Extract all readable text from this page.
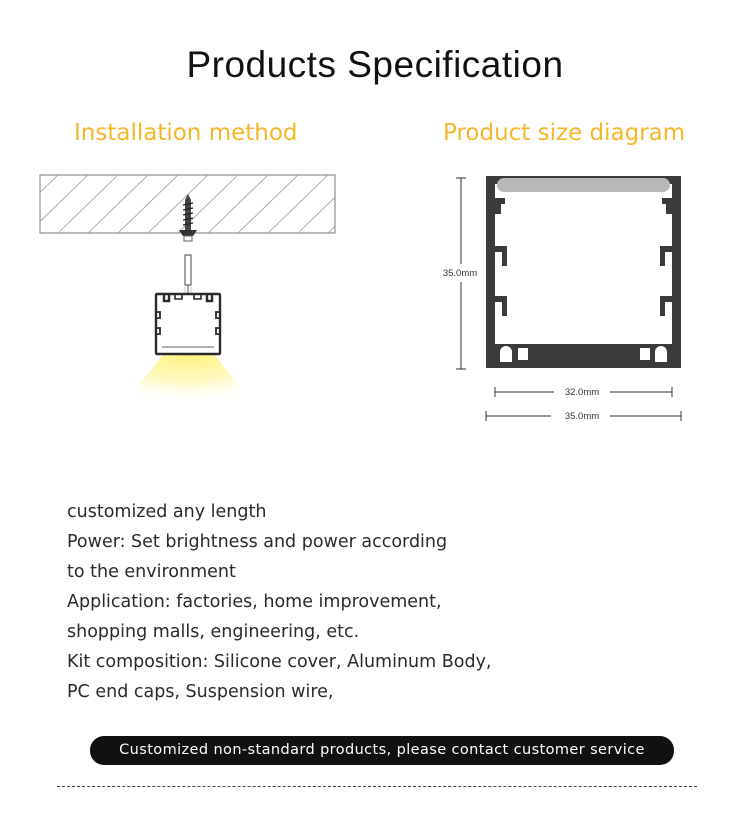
Products Specification
Installation method	Product size diagram
35.0mm
32.0mm
35.0mm
customized any length
Power: Set brightness and power according
to the environment
Application: factories, home improvement,
shopping malls, engineering, etc.
Kit composition: Silicone cover, Aluminum Body,
PC end caps, Suspension wire,
Customized non-standard products, please contact customer service
